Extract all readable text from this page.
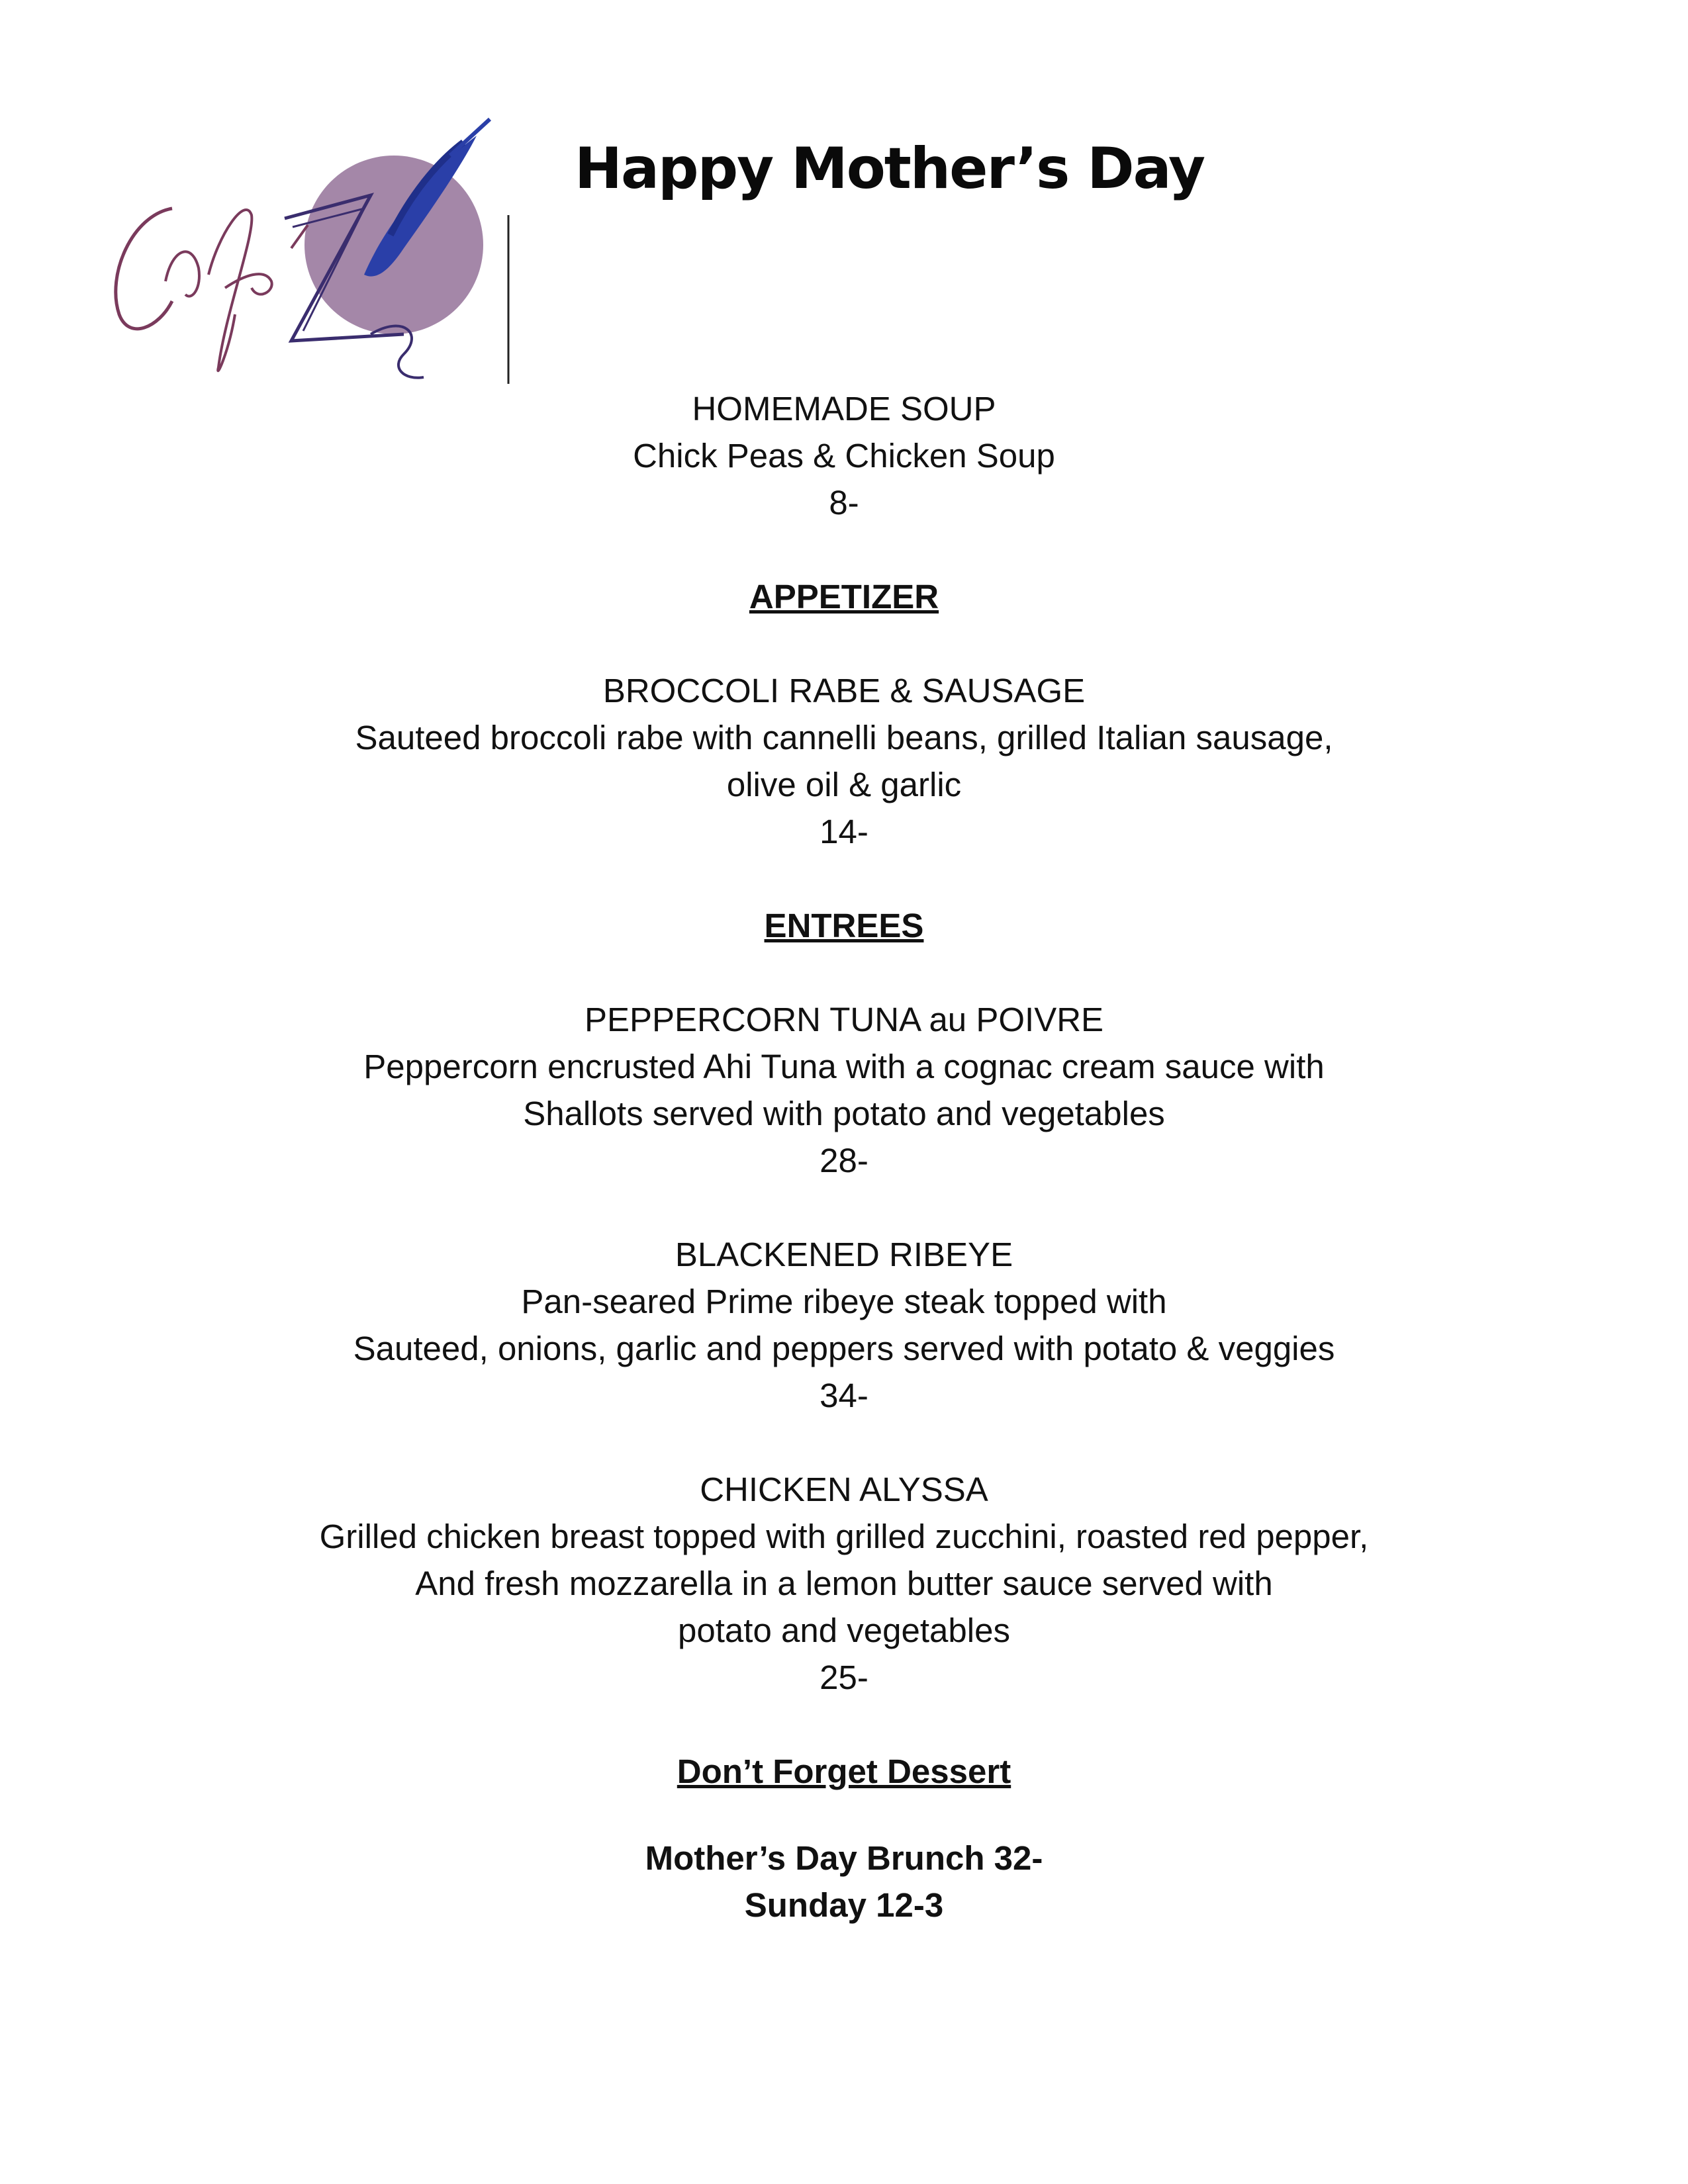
Happy Mother’s Day
HOMEMADE SOUP
Chick Peas & Chicken Soup
8-
APPETIZER
BROCCOLI RABE & SAUSAGE
Sauteed broccoli rabe with cannelli beans, grilled Italian sausage,
olive oil & garlic
14-
ENTREES
PEPPERCORN TUNA au POIVRE
Peppercorn encrusted Ahi Tuna with a cognac cream sauce with
Shallots served with potato and vegetables
28-
BLACKENED RIBEYE
Pan-seared Prime ribeye steak topped with
Sauteed, onions, garlic and peppers served with potato & veggies
34-
CHICKEN ALYSSA
Grilled chicken breast topped with grilled zucchini, roasted red pepper,
And fresh mozzarella in a lemon butter sauce served with
potato and vegetables
25-
Don’t Forget Dessert
Mother’s Day Brunch 32-
Sunday 12-3
